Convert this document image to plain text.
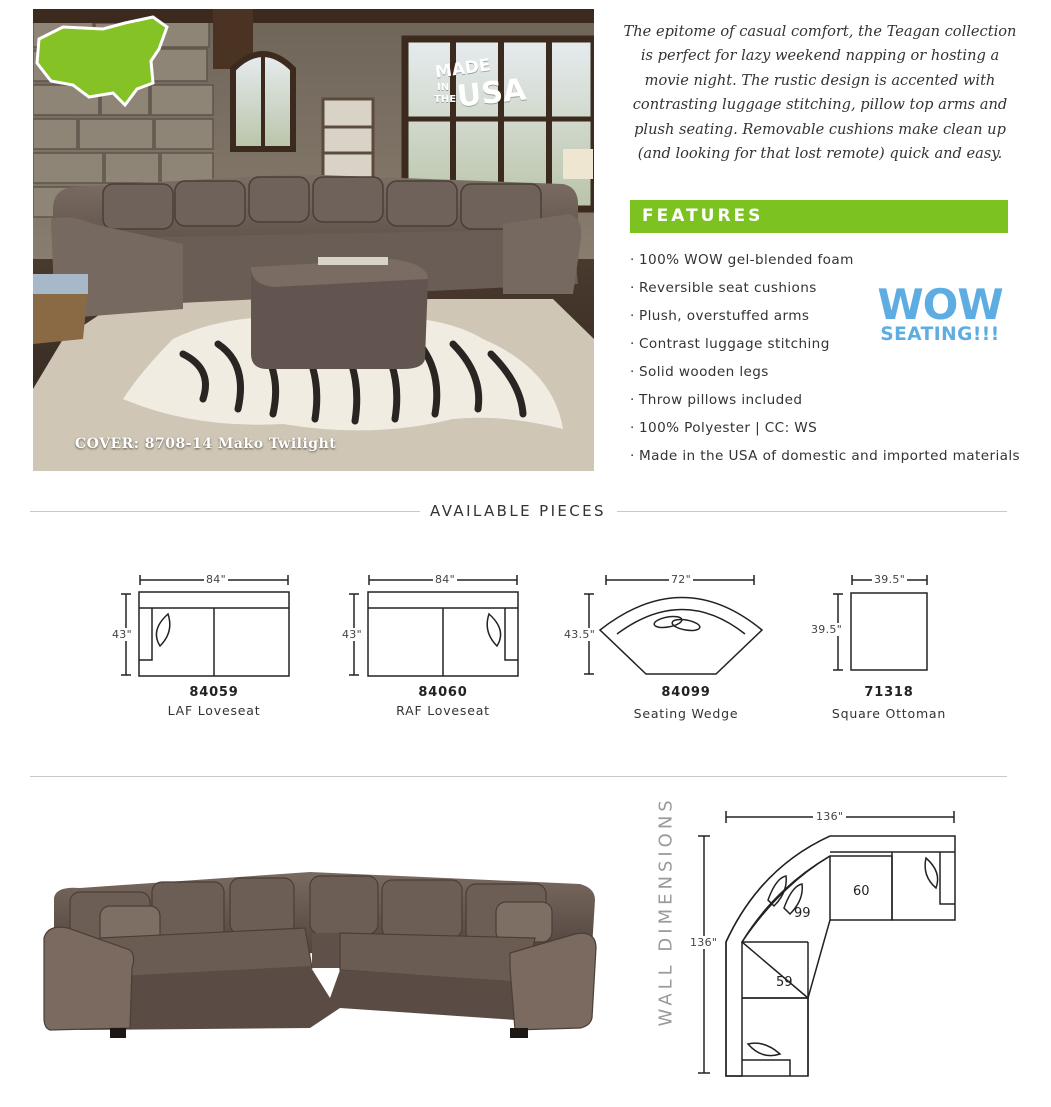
MADE
IN
THE USA
COVER: 8708-14 Mako Twilight
The epitome of casual comfort, the Teagan collection is perfect for lazy weekend napping or hosting a movie night. The rustic design is accented with contrasting luggage stitching, pillow top arms and plush seating. Removable cushions make clean up (and looking for that lost remote) quick and easy.
FEATURES
· 100% WOW gel-blended foam
· Reversible seat cushions
· Plush, overstuffed arms
· Contrast luggage stitching
· Solid wooden legs
· Throw pillows included
· 100% Polyester | CC: WS
· Made in the USA of domestic and imported materials
WOW
SEATING!!!
AVAILABLE PIECES
84"
43"
84"
43"
72"
43.5"
39.5"
39.5"
84059
LAF Loveseat
84060
RAF Loveseat
84099
Seating Wedge
71318
Square Ottoman
WALL DIMENSIONS	136"
136"
60
99
59
